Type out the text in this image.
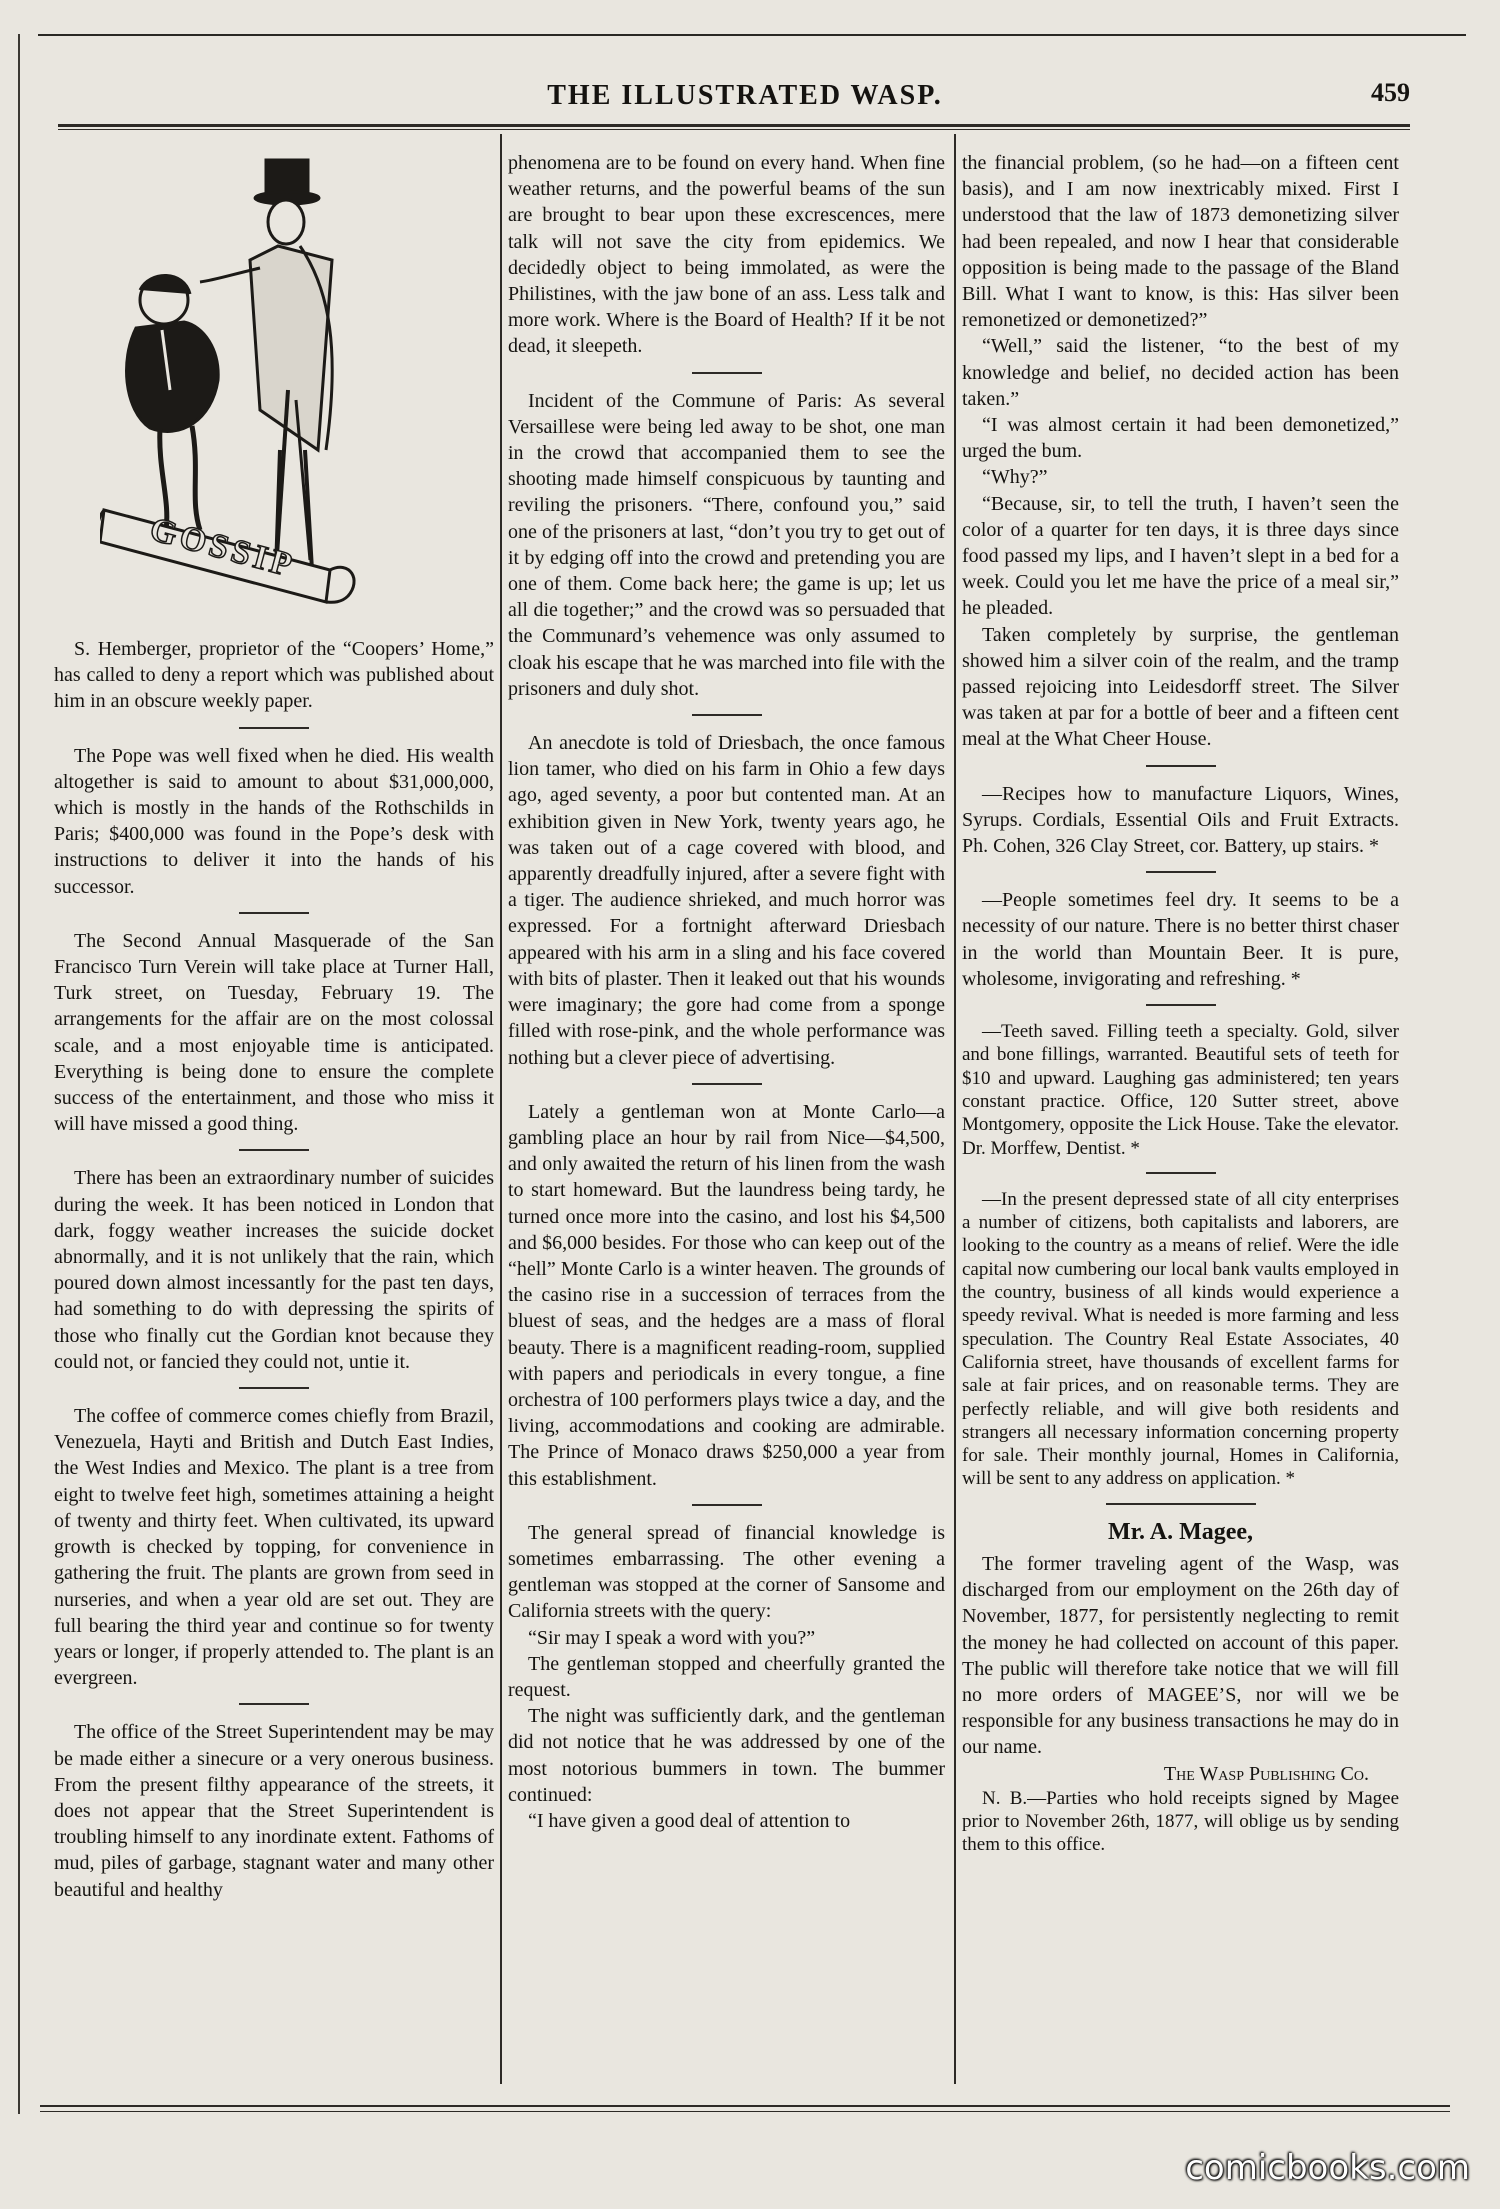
THE ILLUSTRATED WASP.	459
GOSSIP

S. Hemberger, proprietor of the “Coopers’ Home,” has called to deny a report which was published about him in an obscure weekly paper.

The Pope was well fixed when he died. His wealth altogether is said to amount to about $31,000,000, which is mostly in the hands of the Rothschilds in Paris; $400,000 was found in the Pope’s desk with instructions to deliver it into the hands of his successor.

The Second Annual Masquerade of the San Francisco Turn Verein will take place at Turner Hall, Turk street, on Tuesday, February 19. The arrangements for the affair are on the most colossal scale, and a most enjoyable time is anticipated. Everything is being done to ensure the complete success of the entertainment, and those who miss it will have missed a good thing.

There has been an extraordinary number of suicides during the week. It has been noticed in London that dark, foggy weather increases the suicide docket abnormally, and it is not unlikely that the rain, which poured down almost incessantly for the past ten days, had something to do with depressing the spirits of those who finally cut the Gordian knot because they could not, or fancied they could not, untie it.

The coffee of commerce comes chiefly from Brazil, Venezuela, Hayti and British and Dutch East Indies, the West Indies and Mexico. The plant is a tree from eight to twelve feet high, sometimes attaining a height of twenty and thirty feet. When cultivated, its upward growth is checked by topping, for convenience in gathering the fruit. The plants are grown from seed in nurseries, and when a year old are set out. They are full bearing the third year and continue so for twenty years or longer, if properly attended to. The plant is an evergreen.

The office of the Street Superintendent may be may be made either a sinecure or a very onerous business. From the present filthy appearance of the streets, it does not appear that the Street Superintendent is troubling himself to any inordinate extent. Fathoms of mud, piles of garbage, stagnant water and many other beautiful and healthy

phenomena are to be found on every hand. When fine weather returns, and the powerful beams of the sun are brought to bear upon these excrescences, mere talk will not save the city from epidemics. We decidedly object to being immolated, as were the Philistines, with the jaw bone of an ass. Less talk and more work. Where is the Board of Health? If it be not dead, it sleepeth.

Incident of the Commune of Paris: As several Versaillese were being led away to be shot, one man in the crowd that accompanied them to see the shooting made himself conspicuous by taunting and reviling the prisoners. “There, confound you,” said one of the prisoners at last, “don’t you try to get out of it by edging off into the crowd and pretending you are one of them. Come back here; the game is up; let us all die together;” and the crowd was so persuaded that the Communard’s vehemence was only assumed to cloak his escape that he was marched into file with the prisoners and duly shot.

An anecdote is told of Driesbach, the once famous lion tamer, who died on his farm in Ohio a few days ago, aged seventy, a poor but contented man. At an exhibition given in New York, twenty years ago, he was taken out of a cage covered with blood, and apparently dreadfully injured, after a severe fight with a tiger. The audience shrieked, and much horror was expressed. For a fortnight afterward Driesbach appeared with his arm in a sling and his face covered with bits of plaster. Then it leaked out that his wounds were imaginary; the gore had come from a sponge filled with rose-pink, and the whole performance was nothing but a clever piece of advertising.

Lately a gentleman won at Monte Carlo—a gambling place an hour by rail from Nice—$4,500, and only awaited the return of his linen from the wash to start homeward. But the laundress being tardy, he turned once more into the casino, and lost his $4,500 and $6,000 besides. For those who can keep out of the “hell” Monte Carlo is a winter heaven. The grounds of the casino rise in a succession of terraces from the bluest of seas, and the hedges are a mass of floral beauty. There is a magnificent reading-room, supplied with papers and periodicals in every tongue, a fine orchestra of 100 performers plays twice a day, and the living, accommodations and cooking are admirable. The Prince of Monaco draws $250,000 a year from this establishment.

The general spread of financial knowledge is sometimes embarrassing. The other evening a gentleman was stopped at the corner of Sansome and California streets with the query:

“Sir may I speak a word with you?”

The gentleman stopped and cheerfully granted the request.

The night was sufficiently dark, and the gentleman did not notice that he was addressed by one of the most notorious bummers in town. The bummer continued:

“I have given a good deal of attention to

the financial problem, (so he had—on a fifteen cent basis), and I am now inextricably mixed. First I understood that the law of 1873 demonetizing silver had been repealed, and now I hear that considerable opposition is being made to the passage of the Bland Bill. What I want to know, is this: Has silver been remonetized or demonetized?”

“Well,” said the listener, “to the best of my knowledge and belief, no decided action has been taken.”

“I was almost certain it had been demonetized,” urged the bum.

“Why?”

“Because, sir, to tell the truth, I haven’t seen the color of a quarter for ten days, it is three days since food passed my lips, and I haven’t slept in a bed for a week. Could you let me have the price of a meal sir,” he pleaded.

Taken completely by surprise, the gentleman showed him a silver coin of the realm, and the tramp passed rejoicing into Leidesdorff street. The Silver was taken at par for a bottle of beer and a fifteen cent meal at the What Cheer House.

—Recipes how to manufacture Liquors, Wines, Syrups. Cordials, Essential Oils and Fruit Extracts. Ph. Cohen, 326 Clay Street, cor. Battery, up stairs. *

—People sometimes feel dry. It seems to be a necessity of our nature. There is no better thirst chaser in the world than Mountain Beer. It is pure, wholesome, invigorating and refreshing. *

—Teeth saved. Filling teeth a specialty. Gold, silver and bone fillings, warranted. Beautiful sets of teeth for $10 and upward. Laughing gas administered; ten years constant practice. Office, 120 Sutter street, above Montgomery, opposite the Lick House. Take the elevator. Dr. Morffew, Dentist. *

—In the present depressed state of all city enterprises a number of citizens, both capitalists and laborers, are looking to the country as a means of relief. Were the idle capital now cumbering our local bank vaults employed in the country, business of all kinds would experience a speedy revival. What is needed is more farming and less speculation. The Country Real Estate Associates, 40 California street, have thousands of excellent farms for sale at fair prices, and on reasonable terms. They are perfectly reliable, and will give both residents and strangers all necessary information concerning property for sale. Their monthly journal, Homes in California, will be sent to any address on application. *

Mr. A. Magee,

The former traveling agent of the Wasp, was discharged from our employment on the 26th day of November, 1877, for persistently neglecting to remit the money he had collected on account of this paper. The public will therefore take notice that we will fill no more orders of MAGEE’S, nor will we be responsible for any business transactions he may do in our name.

The Wasp Publishing Co.

N. B.—Parties who hold receipts signed by Magee prior to November 26th, 1877, will oblige us by sending them to this office.

comicbooks.com
